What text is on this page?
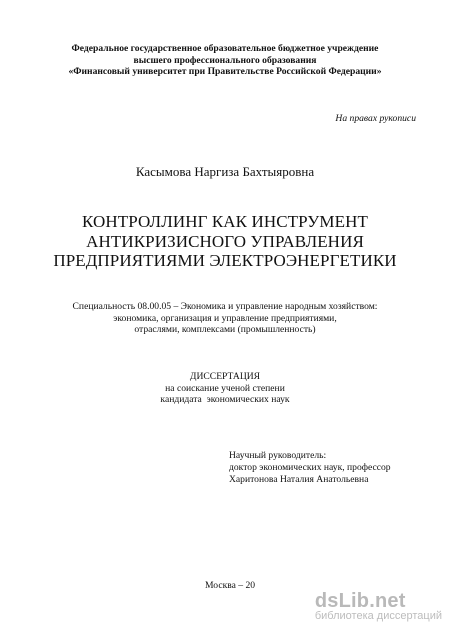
Федеральное государственное образовательное бюджетное учреждение
высшего профессионального образования
«Финансовый университет при Правительстве Российской Федерации»
На правах рукописи
Касымова Наргиза Бахтыяровна
КОНТРОЛЛИНГ КАК ИНСТРУМЕНТ
АНТИКРИЗИСНОГО УПРАВЛЕНИЯ
ПРЕДПРИЯТИЯМИ ЭЛЕКТРОЭНЕРГЕТИКИ
Специальность 08.00.05 – Экономика и управление народным хозяйством:
экономика, организация и управление предприятиями,
отраслями, комплексами (промышленность)
ДИССЕРТАЦИЯ
на соискание ученой степени
кандидата  экономических наук
Научный руководитель:
доктор экономических наук, профессор
Харитонова Наталия Анатольевна
Москва – 20
dsLib.net
библиотека диссертаций
